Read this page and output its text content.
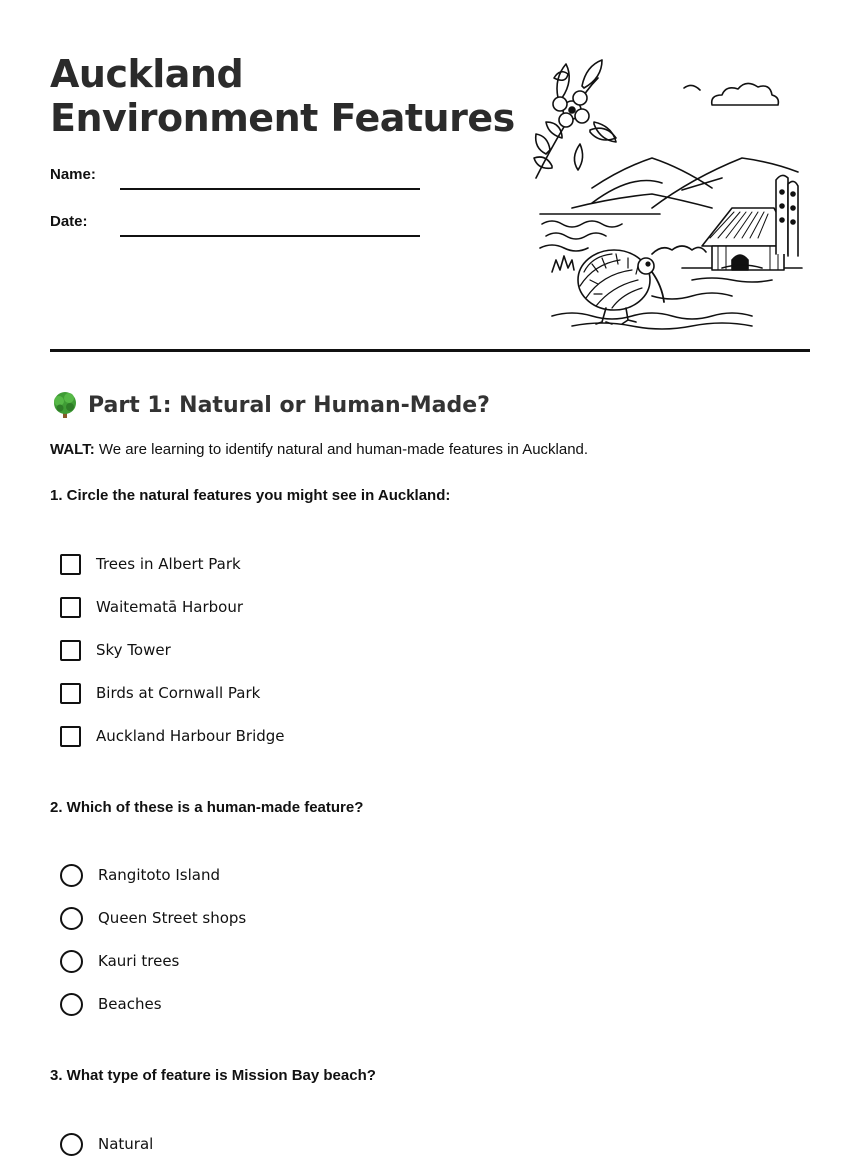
Auckland Environment Features
Name:
Date:
Part 1: Natural or Human-Made?
WALT: We are learning to identify natural and human-made features in Auckland.

1. Circle the natural features you might see in Auckland:

Trees in Albert Park
Waitematā Harbour
Sky Tower
Birds at Cornwall Park
Auckland Harbour Bridge

2. Which of these is a human-made feature?

Rangitoto Island
Queen Street shops
Kauri trees
Beaches

3. What type of feature is Mission Bay beach?

Natural
